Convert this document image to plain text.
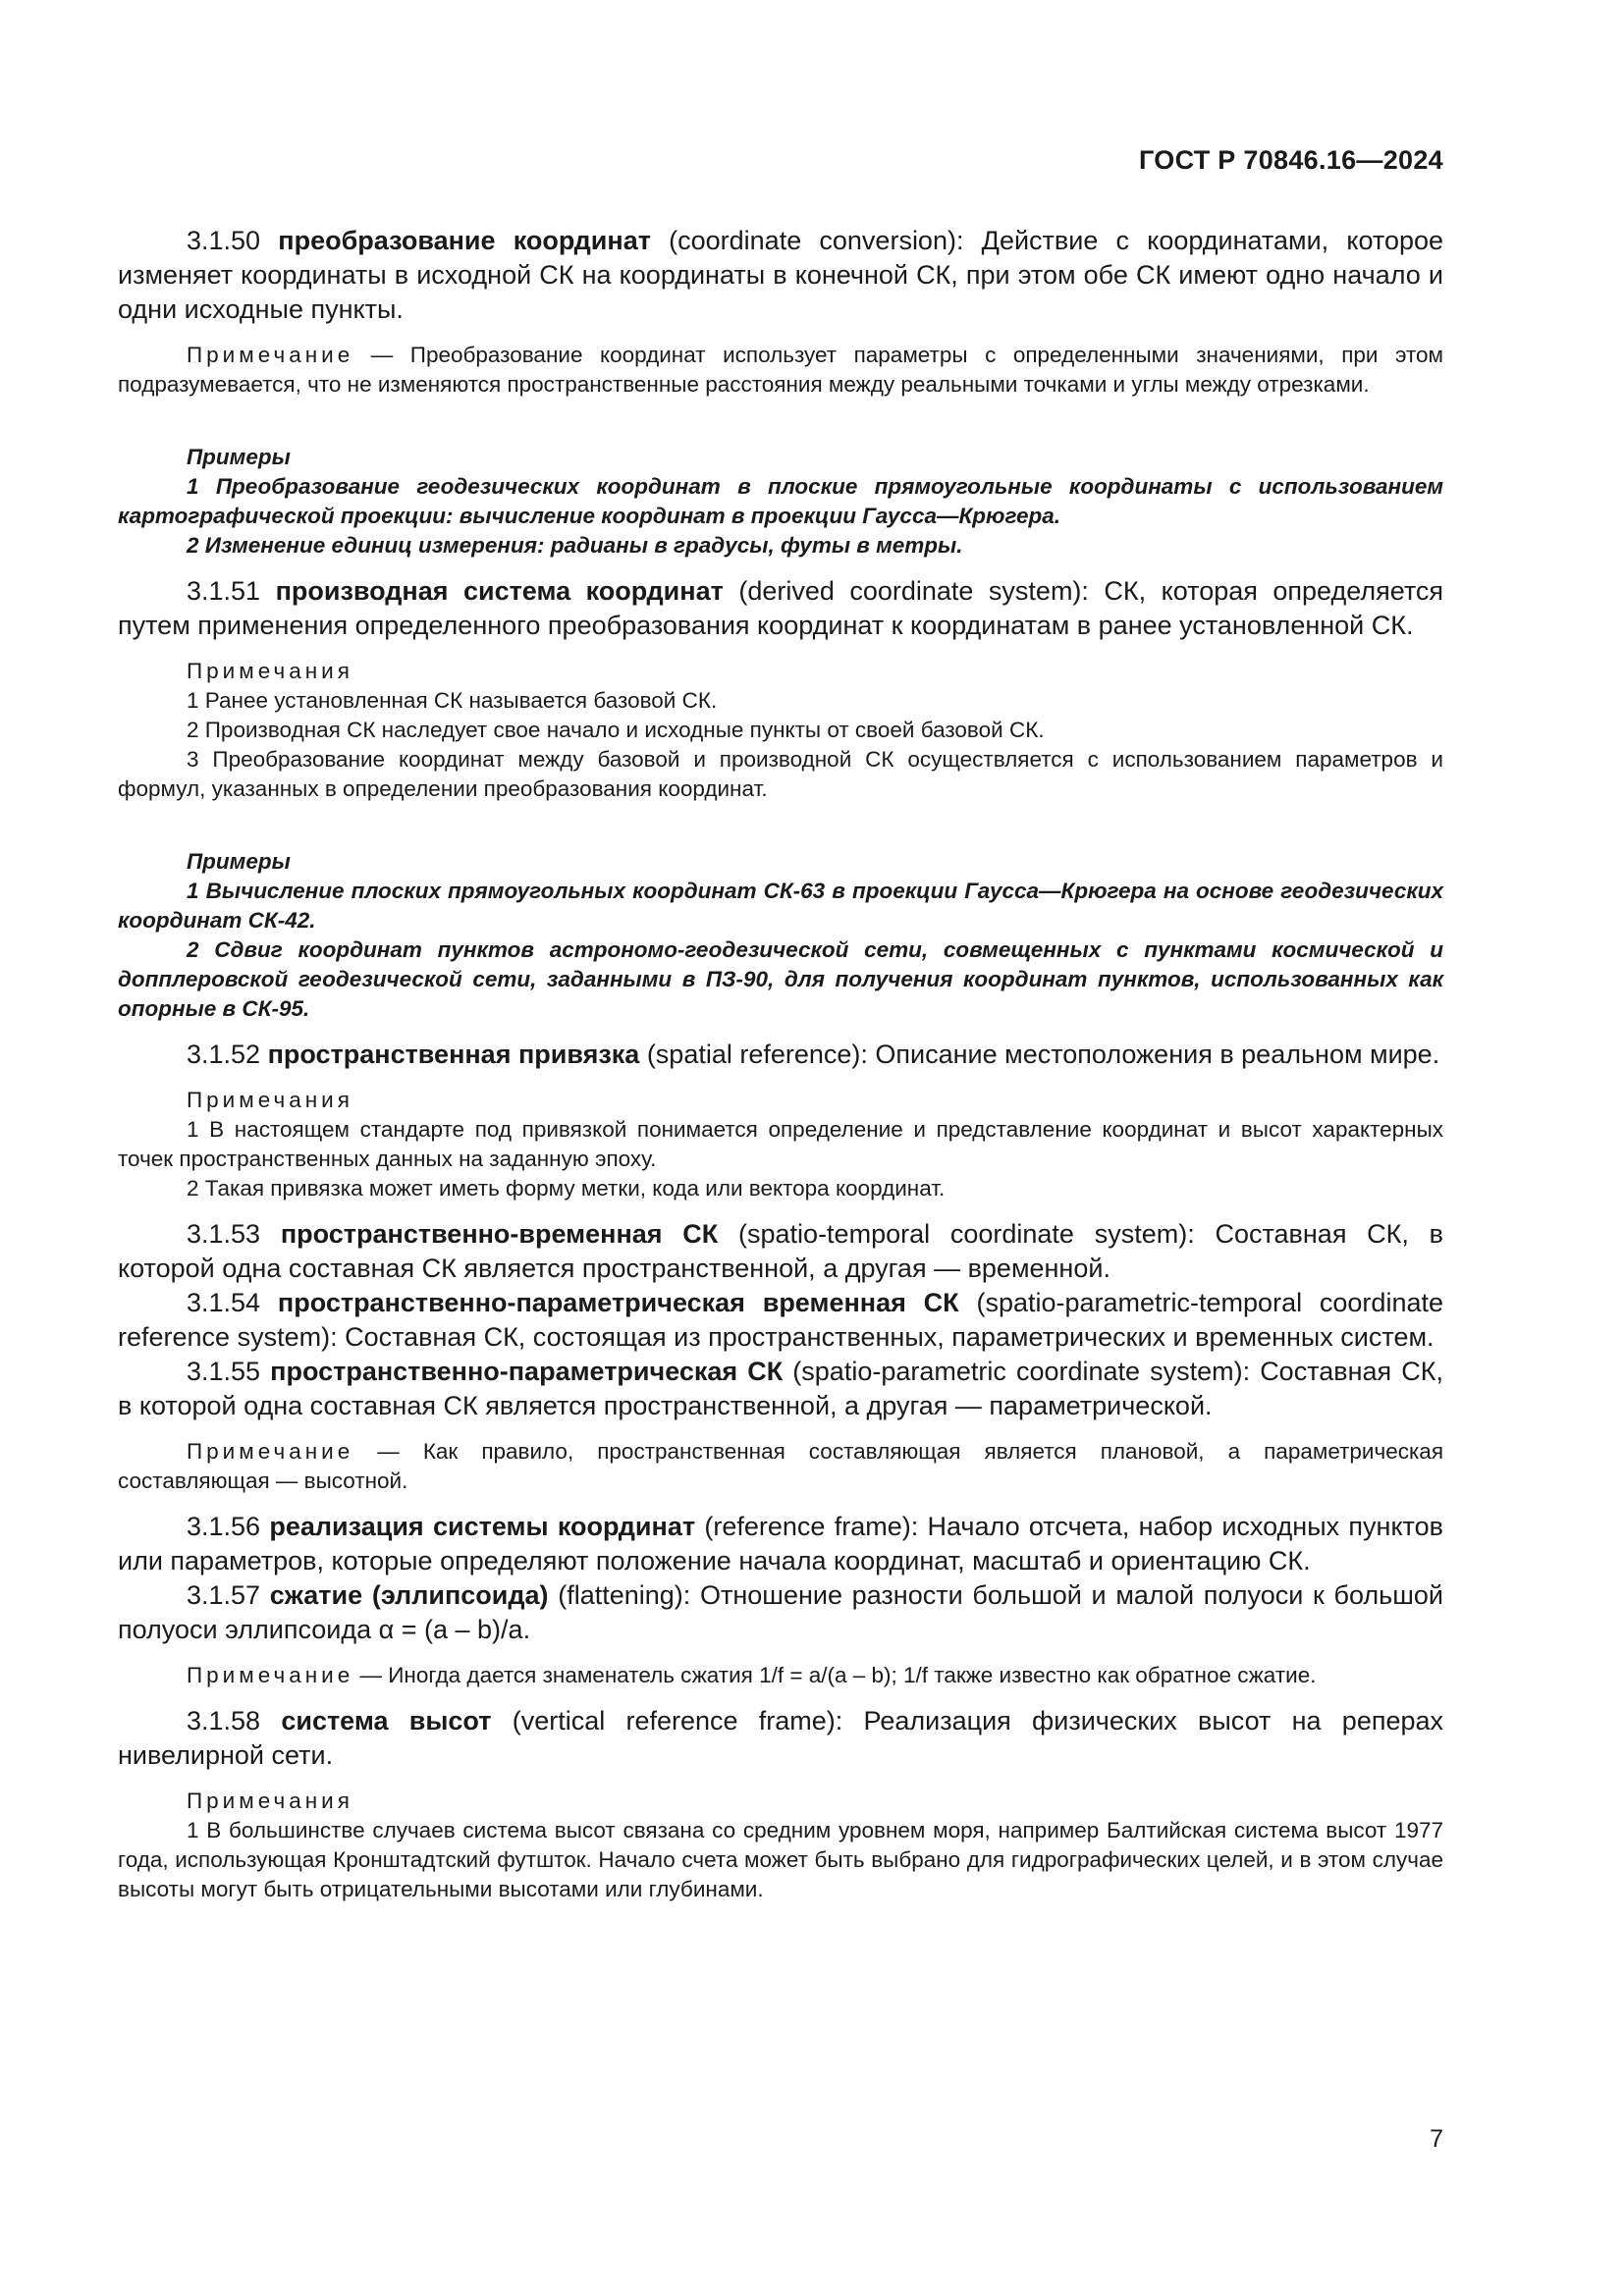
ГОСТ Р 70846.16—2024

3.1.50 преобразование координат (coordinate conversion): Действие с координатами, которое изменяет координаты в исходной СК на координаты в конечной СК, при этом обе СК имеют одно начало и одни исходные пункты.

Примечание — Преобразование координат использует параметры с определенными значениями, при этом подразумевается, что не изменяются пространственные расстояния между реальными точками и углы между отрезками.

Примеры

1 Преобразование геодезических координат в плоские прямоугольные координаты с использованием картографической проекции: вычисление координат в проекции Гаусса—Крюгера.

2 Изменение единиц измерения: радианы в градусы, футы в метры.

3.1.51 производная система координат (derived coordinate system): СК, которая определяется путем применения определенного преобразования координат к координатам в ранее установленной СК.

Примечания

1 Ранее установленная СК называется базовой СК.

2 Производная СК наследует свое начало и исходные пункты от своей базовой СК.

3 Преобразование координат между базовой и производной СК осуществляется с использованием параметров и формул, указанных в определении преобразования координат.

Примеры

1 Вычисление плоских прямоугольных координат СК-63 в проекции Гаусса—Крюгера на основе геодезических координат СК-42.

2 Сдвиг координат пунктов астрономо-геодезической сети, совмещенных с пунктами космической и допплеровской геодезической сети, заданными в ПЗ-90, для получения координат пунктов, использованных как опорные в СК-95.

3.1.52 пространственная привязка (spatial reference): Описание местоположения в реальном мире.

Примечания

1 В настоящем стандарте под привязкой понимается определение и представление координат и высот характерных точек пространственных данных на заданную эпоху.

2 Такая привязка может иметь форму метки, кода или вектора координат.

3.1.53 пространственно-временная СК (spatio-temporal coordinate system): Составная СК, в которой одна составная СК является пространственной, а другая — временной.

3.1.54 пространственно-параметрическая временная СК (spatio-parametric-temporal coordinate reference system): Составная СК, состоящая из пространственных, параметрических и временных систем.

3.1.55 пространственно-параметрическая СК (spatio-parametric coordinate system): Составная СК, в которой одна составная СК является пространственной, а другая — параметрической.

Примечание — Как правило, пространственная составляющая является плановой, а параметрическая составляющая — высотной.

3.1.56 реализация системы координат (reference frame): Начало отсчета, набор исходных пунктов или параметров, которые определяют положение начала координат, масштаб и ориентацию СК.

3.1.57 сжатие (эллипсоида) (flattening): Отношение разности большой и малой полуоси к большой полуоси эллипсоида α = (a – b)/a.

Примечание — Иногда дается знаменатель сжатия 1/f = a/(a – b); 1/f также известно как обратное сжатие.

3.1.58 система высот (vertical reference frame): Реализация физических высот на реперах нивелирной сети.

Примечания

1 В большинстве случаев система высот связана со средним уровнем моря, например Балтийская система высот 1977 года, использующая Кронштадтский футшток. Начало счета может быть выбрано для гидрографических целей, и в этом случае высоты могут быть отрицательными высотами или глубинами.

7
